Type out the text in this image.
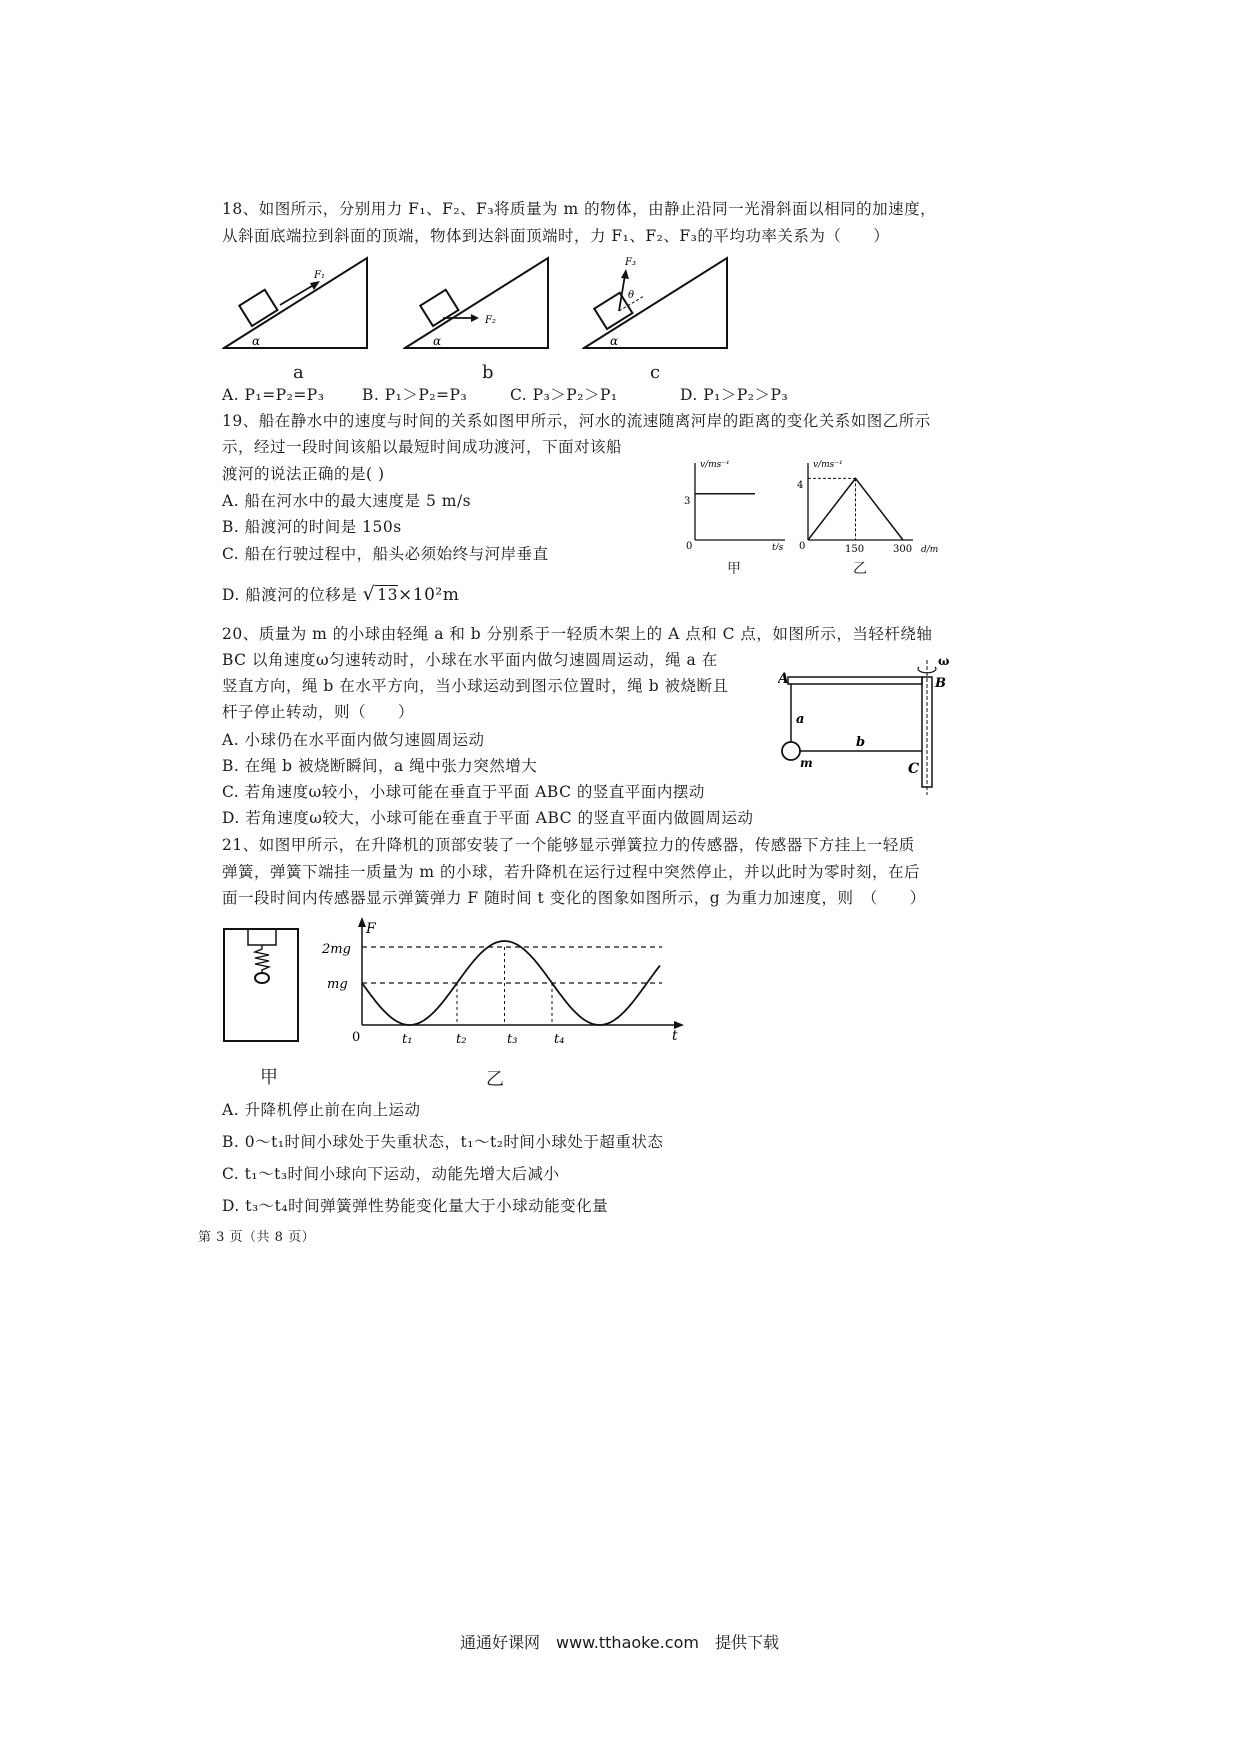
18、如图所示，分别用力 F₁、F₂、F₃将质量为 m 的物体，由静止沿同一光滑斜面以相同的加速度，
从斜面底端拉到斜面的顶端，物体到达斜面顶端时，力 F₁、F₂、F₃的平均功率关系为（　　）
F₁
α
a
F₂
α
b
F₃
θ
α
c
A. P₁=P₂=P₃ B. P₁＞P₂=P₃	C. P₃＞P₂＞P₁	D. P₁＞P₂＞P₃
19、船在静水中的速度与时间的关系如图甲所示，河水的流速随离河岸的距离的变化关系如图乙所示
示，经过一段时间该船以最短时间成功渡河，下面对该船
渡河的说法正确的是( )
A. 船在河水中的最大速度是 5 m/s
B. 船渡河的时间是 150s
C. 船在行驶过程中，船头必须始终与河岸垂直
D. 船渡河的位移是 √ 13×10²m
v/ms⁻¹
3
0	t/s
甲
v/ms⁻¹
4
0	150	300 d/m
乙
20、质量为 m 的小球由轻绳 a 和 b 分别系于一轻质木架上的 A 点和 C 点，如图所示，当轻杆绕轴
BC 以角速度ω匀速转动时，小球在水平面内做匀速圆周运动，绳 a 在
竖直方向，绳 b 在水平方向，当小球运动到图示位置时，绳 b 被烧断且
杆子停止转动，则（　　）
A. 小球仍在水平面内做匀速圆周运动
B. 在绳 b 被烧断瞬间，a 绳中张力突然增大
C. 若角速度ω较小，小球可能在垂直于平面 ABC 的竖直平面内摆动
D. 若角速度ω较大，小球可能在垂直于平面 ABC 的竖直平面内做圆周运动
A	B
C
a
b
m
ω
21、如图甲所示，在升降机的顶部安装了一个能够显示弹簧拉力的传感器，传感器下方挂上一轻质
弹簧，弹簧下端挂一质量为 m 的小球，若升降机在运行过程中突然停止，并以此时为零时刻，在后
面一段时间内传感器显示弹簧弹力 F 随时间 t 变化的图象如图所示，g 为重力加速度，则　（　　）
甲
F
2mg
mg
0	t₁	t₂	t₃	t₄	t
乙
A. 升降机停止前在向上运动
B. 0～t₁时间小球处于失重状态，t₁～t₂时间小球处于超重状态
C. t₁～t₃时间小球向下运动，动能先增大后减小
D. t₃～t₄时间弹簧弹性势能变化量大于小球动能变化量
第 3 页（共 8 页）
通通好课网　www.tthaoke.com　提供下载
